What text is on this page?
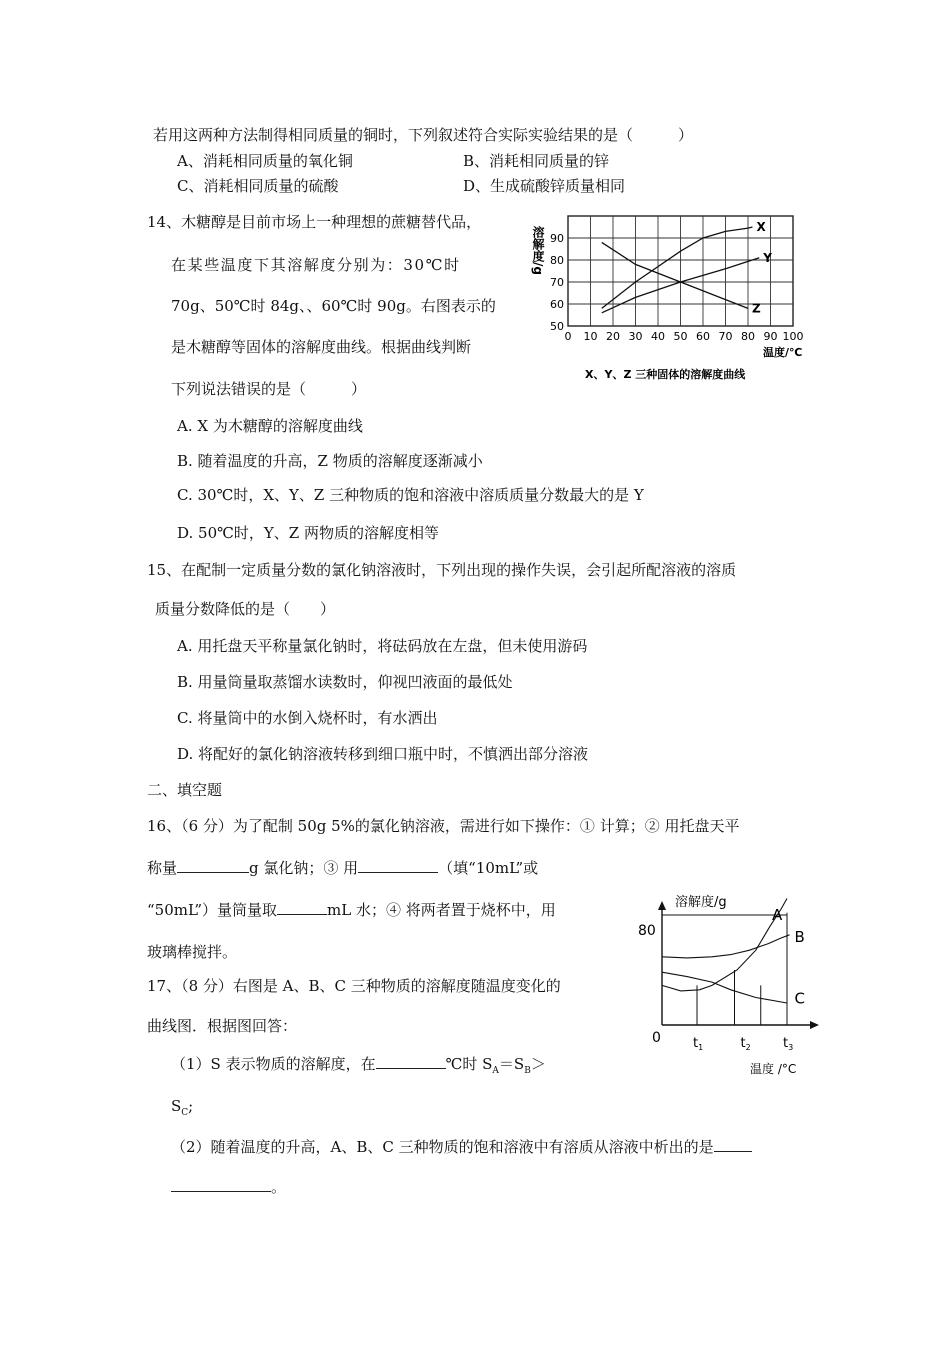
若用这两种方法制得相同质量的铜时，下列叙述符合实际实验结果的是（　　　）
A、消耗相同质量的氧化铜	B、消耗相同质量的锌
C、消耗相同质量的硫酸	D、生成硫酸锌质量相同
14、木糖醇是目前市场上一种理想的蔗糖替代品，
在某些温度下其溶解度分别为：30℃时
70g、50℃时 84g、、60℃时 90g。右图表示的
是木糖醇等固体的溶解度曲线。根据曲线判断
下列说法错误的是（　　　）
A. X 为木糖醇的溶解度曲线
B. 随着温度的升高，Z 物质的溶解度逐渐减小
C. 30℃时，X、Y、Z 三种物质的饱和溶液中溶质质量分数最大的是 Y
D. 50℃时，Y、Z 两物质的溶解度相等
0 10 20 30 40 50 60 70 80 90 100
50
60
70
80
90
X
Y
Z
溶解度/g
温度/℃
X、Y、Z 三种固体的溶解度曲线
15、在配制一定质量分数的氯化钠溶液时，下列出现的操作失误，会引起所配溶液的溶质
质量分数降低的是（　　）
A. 用托盘天平称量氯化钠时，将砝码放在左盘，但未使用游码
B. 用量筒量取蒸馏水读数时，仰视凹液面的最低处
C. 将量筒中的水倒入烧杯时，有水洒出
D. 将配好的氯化钠溶液转移到细口瓶中时，不慎洒出部分溶液
二、填空题
16、（6 分）为了配制 50g 5%的氯化钠溶液，需进行如下操作：① 计算；② 用托盘天平
称量	g 氯化钠；③ 用	（填“10mL”或
“50mL”）量筒量取	mL 水；④ 将两者置于烧杯中，用
玻璃棒搅拌。
17、（8 分）右图是 A、B、C 三种物质的溶解度随温度变化的
曲线图．根据图回答：
（1）S 表示物质的溶解度，在	℃时 $S_A=S_B>$
$S_C$;
（2）随着温度的升高，A、B、C 三种物质的饱和溶液中有溶质从溶液中析出的是
。
$t_1$	$t_2$ $t_3$
A
B
C
溶解度/g
80
0
温度 /°C
